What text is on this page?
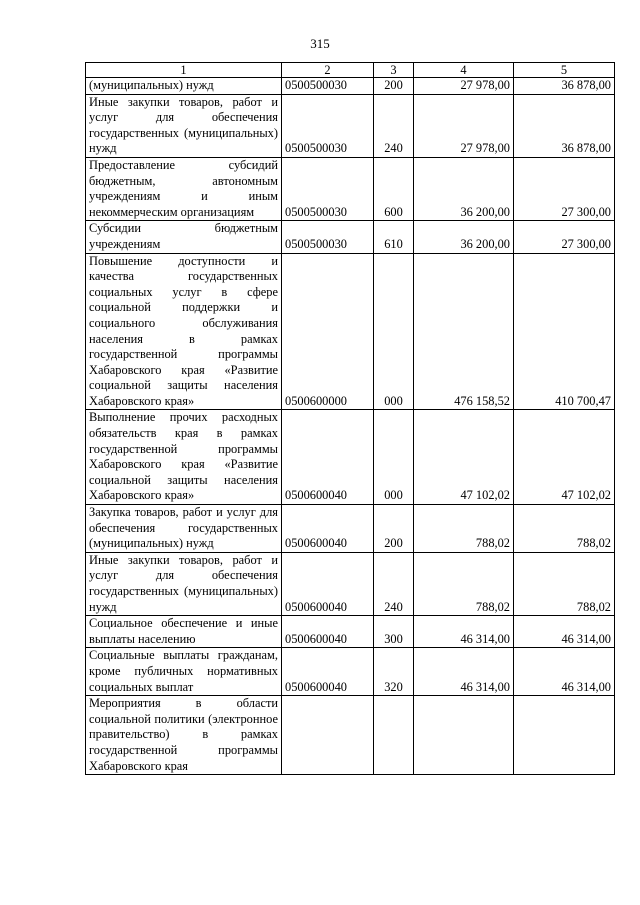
315
1	2	3	4	5
(муниципальных) нужд	0500500030	200	27 978,00	36 878,00
Иные закупки товаров, работ и услуг для обеспечения государственных (муниципальных) нужд	0500500030	240	27 978,00	36 878,00
Предоставление субсидий бюджетным, автономным учреждениям и иным некоммерческим организациям	0500500030	600	36 200,00	27 300,00
Субсидии бюджетным учреждениям	0500500030	610	36 200,00	27 300,00
Повышение доступности и качества государственных социальных услуг в сфере социальной поддержки и социального обслуживания населения в рамках государственной программы Хабаровского края «Развитие социальной защиты населения Хабаровского края»	0500600000	000	476 158,52	410 700,47
Выполнение прочих расходных обязательств края в рамках государственной программы Хабаровского края «Развитие социальной защиты населения Хабаровского края»	0500600040	000	47 102,02	47 102,02
Закупка товаров, работ и услуг для обеспечения государственных (муниципальных) нужд	0500600040	200	788,02	788,02
Иные закупки товаров, работ и услуг для обеспечения государственных (муниципальных) нужд	0500600040	240	788,02	788,02
Социальное обеспечение и иные выплаты населению	0500600040	300	46 314,00	46 314,00
Социальные выплаты гражданам, кроме публичных нормативных социальных выплат	0500600040	320	46 314,00	46 314,00
Мероприятия в области социальной политики (электронное правительство) в рамках государственной программы Хабаровского края				
